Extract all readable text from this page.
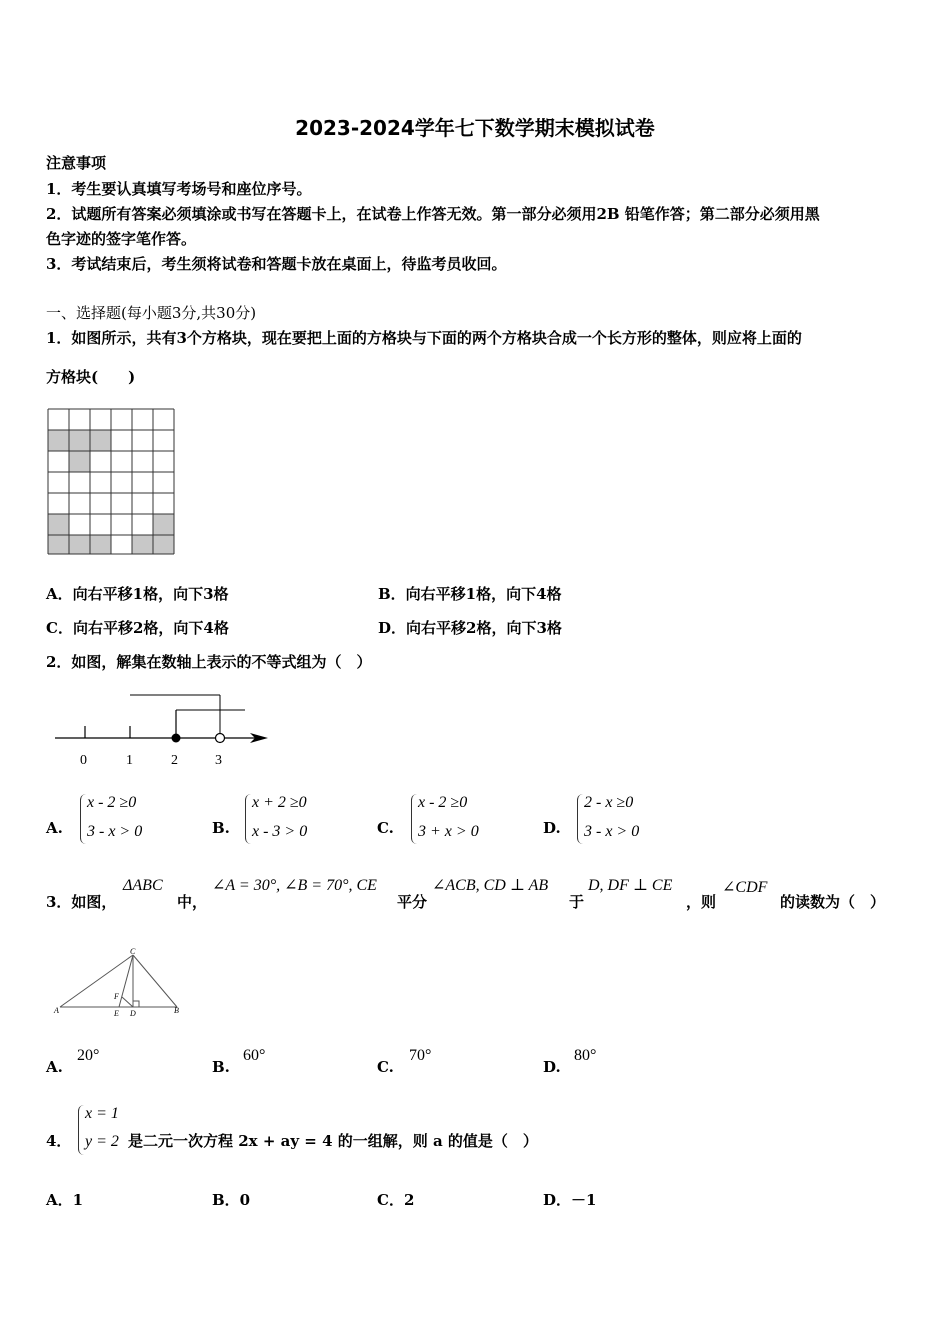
2023-2024学年七下数学期末模拟试卷
注意事项
1．考生要认真填写考场号和座位序号。
2．试题所有答案必须填涂或书写在答题卡上，在试卷上作答无效。第一部分必须用2B 铅笔作答；第二部分必须用黑
色字迹的签字笔作答。
3．考试结束后，考生须将试卷和答题卡放在桌面上，待监考员收回。
一、选择题(每小题3分,共30分)
1．如图所示，共有3个方格块，现在要把上面的方格块与下面的两个方格块合成一个长方形的整体，则应将上面的
方格块(　　)
A．向右平移1格，向下3格	B．向右平移1格，向下4格
C．向右平移2格，向下4格	D．向右平移2格，向下3格
2．如图，解集在数轴上表示的不等式组为（　）
0	1	2	3
A.
x - 2 ≥0
3 - x > 0	B.
x + 2 ≥0
x - 3 > 0	C.
x - 2 ≥0
3 + x > 0	D.
2 - x ≥0
3 - x > 0
3．如图，
ΔABC
中，
∠A = 30°, ∠B = 70°, CE
平分
∠ACB, CD ⊥ AB
于
D, DF ⊥ CE
，则
∠CDF
的读数为（　）
C
F
A	E D	B
A.
20°
B.
60°
C.
70°
D.
80°
4．
x = 1
y = 2 是二元一次方程 2x + ay = 4 的一组解，则 a 的值是（　）
A．1	B．0	C．2	D．－1
